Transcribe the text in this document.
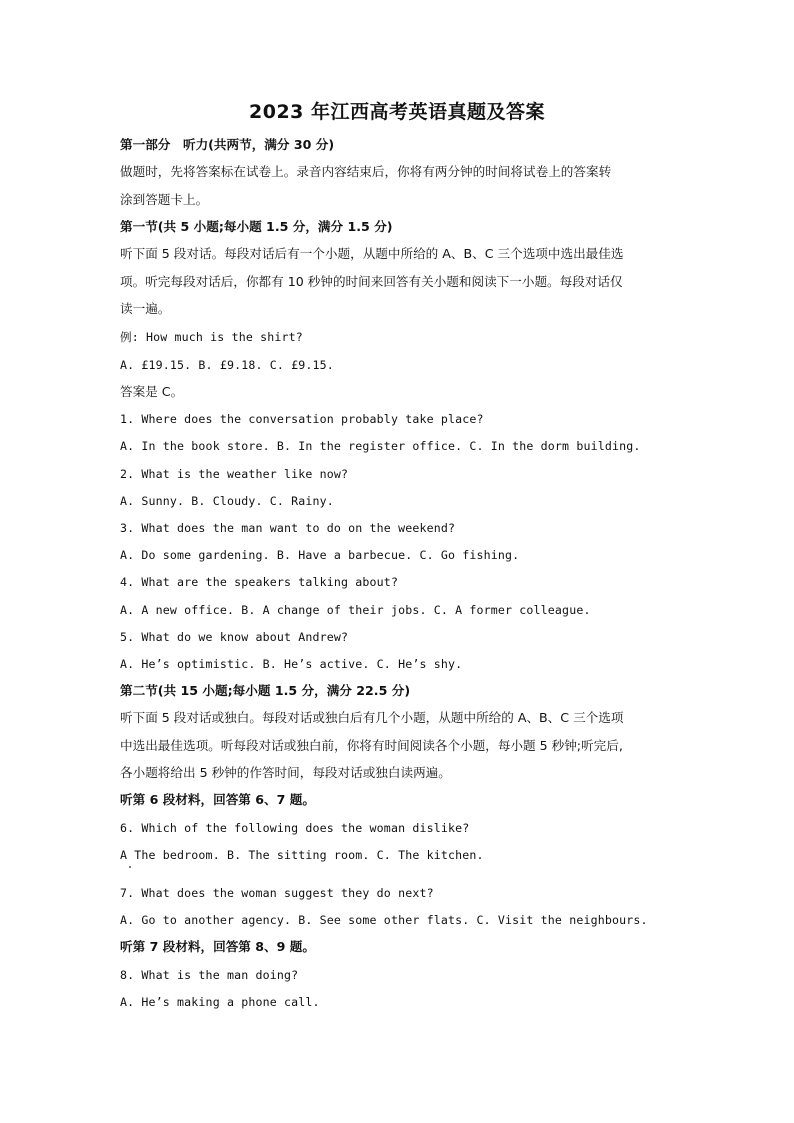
2023 年江西高考英语真题及答案
第一部分　听力(共两节，满分 30 分)
做题时，先将答案标在试卷上。录音内容结束后，你将有两分钟的时间将试卷上的答案转
涂到答题卡上。
第一节(共 5 小题;每小题 1.5 分，满分 1.5 分)
听下面 5 段对话。每段对话后有一个小题，从题中所给的 A、B、C 三个选项中选出最佳选
项。听完每段对话后，你都有 10 秒钟的时间来回答有关小题和阅读下一小题。每段对话仅
读一遍。
例: How much is the shirt?
A. £19.15. B. £9.18. C. £9.15.
答案是 C。
1. Where does the conversation probably take place?
A. In the book store. B. In the register office. C. In the dorm building.
2. What is the weather like now?
A. Sunny. B. Cloudy. C. Rainy.
3. What does the man want to do on the weekend?
A. Do some gardening. B. Have a barbecue. C. Go fishing.
4. What are the speakers talking about?
A. A new office. B. A change of their jobs. C. A former colleague.
5. What do we know about Andrew?
A. He’s optimistic. B. He’s active. C. He’s shy.
第二节(共 15 小题;每小题 1.5 分，满分 22.5 分)
听下面 5 段对话或独白。每段对话或独白后有几个小题，从题中所给的 A、B、C 三个选项
中选出最佳选项。听每段对话或独白前，你将有时间阅读各个小题，每小题 5 秒钟;听完后,
各小题将给出 5 秒钟的作答时间，每段对话或独白读两遍。
听第 6 段材料，回答第 6、7 题。
6. Which of the following does the woman dislike?
A The bedroom. B. The sitting room. C. The kitchen.
7. What does the woman suggest they do next?
A. Go to another agency. B. See some other flats. C. Visit the neighbours.
听第 7 段材料，回答第 8、9 题。
8. What is the man doing?
A. He’s making a phone call.
